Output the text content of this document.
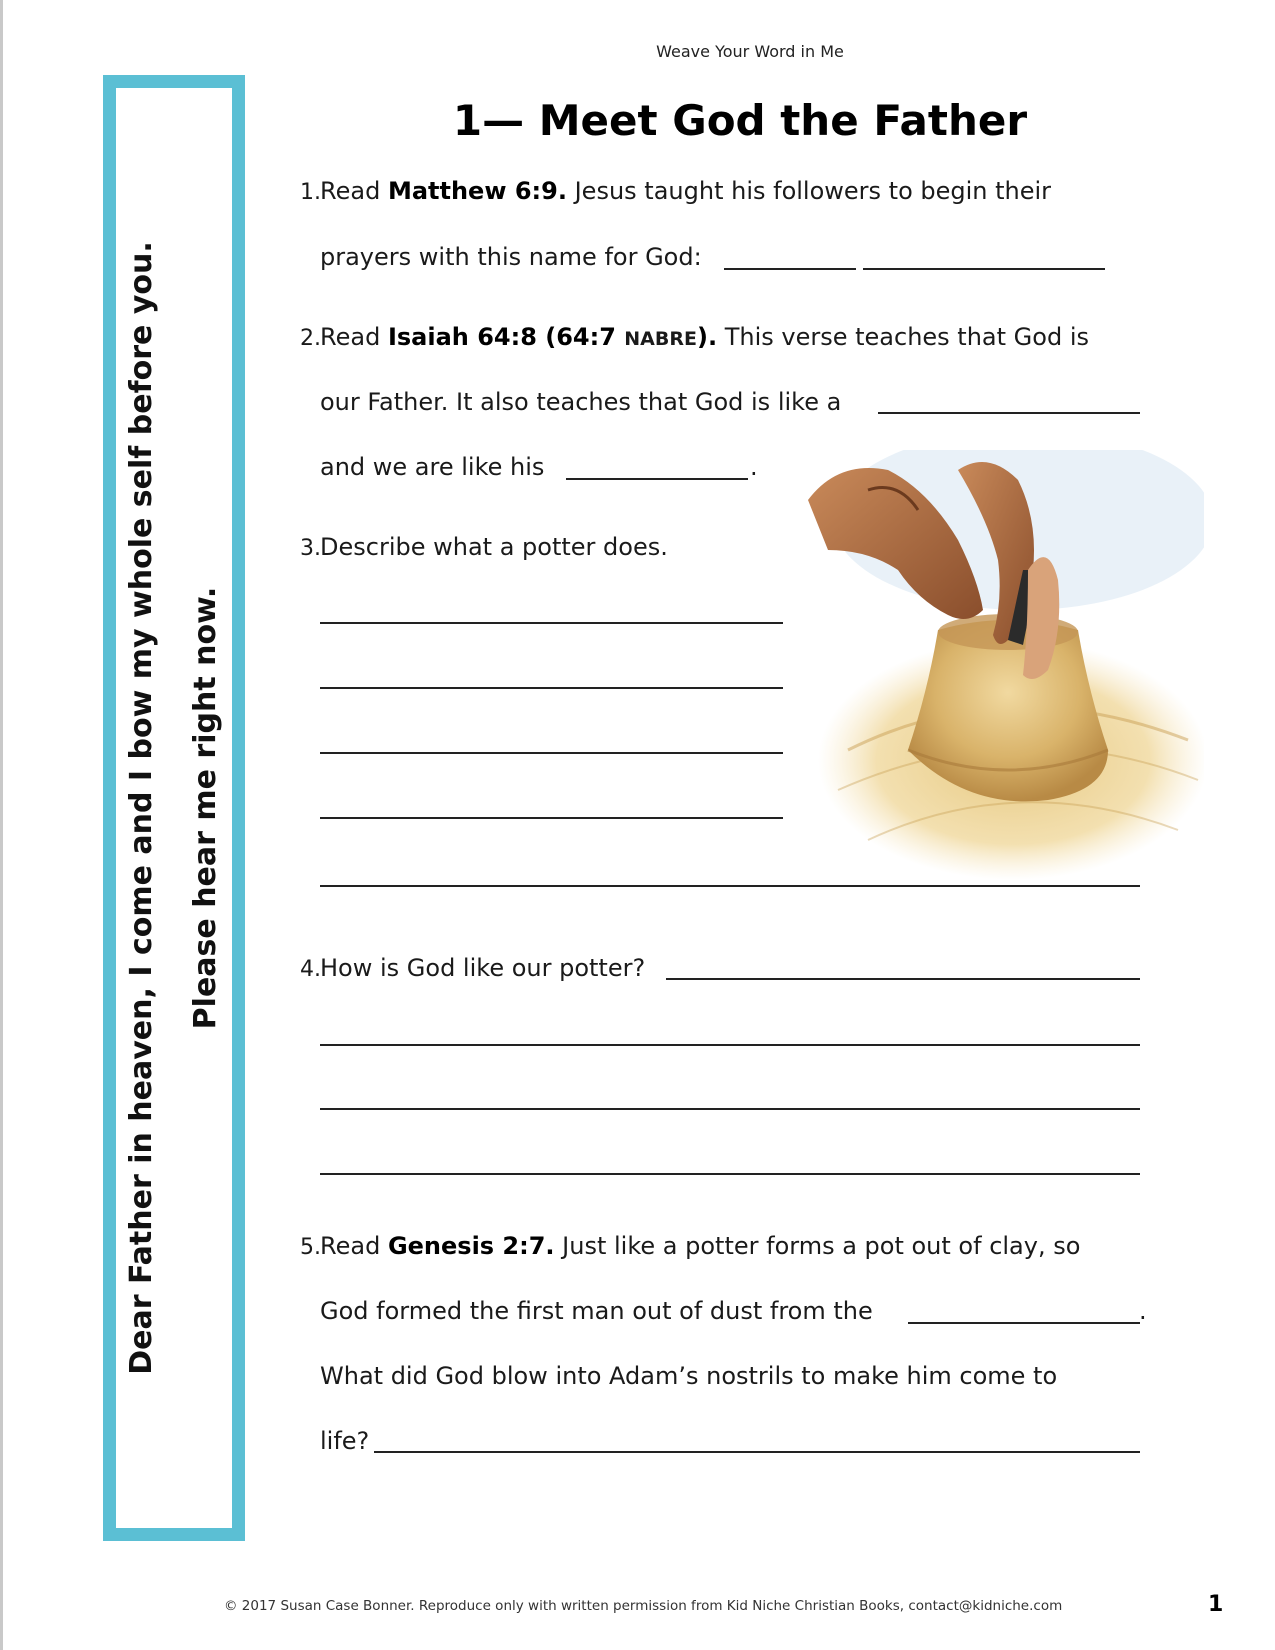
Weave Your Word in Me
1— Meet God the Father
Dear Father in heaven, I come and I bow my whole self before you. Please hear me right now.
1. Read Matthew 6:9. Jesus taught his followers to begin their
prayers with this name for God:
2. Read Isaiah 64:8 (64:7 NABRE). This verse teaches that God is
our Father. It also teaches that God is like a
and we are like his	.
3. Describe what a potter does.
4. How is God like our potter?
5. Read Genesis 2:7. Just like a potter forms a pot out of clay, so
God formed the first man out of dust from the	.
What did God blow into Adam’s nostrils to make him come to
life?
© 2017 Susan Case Bonner. Reproduce only with written permission from Kid Niche Christian Books, contact@kidniche.com	1
